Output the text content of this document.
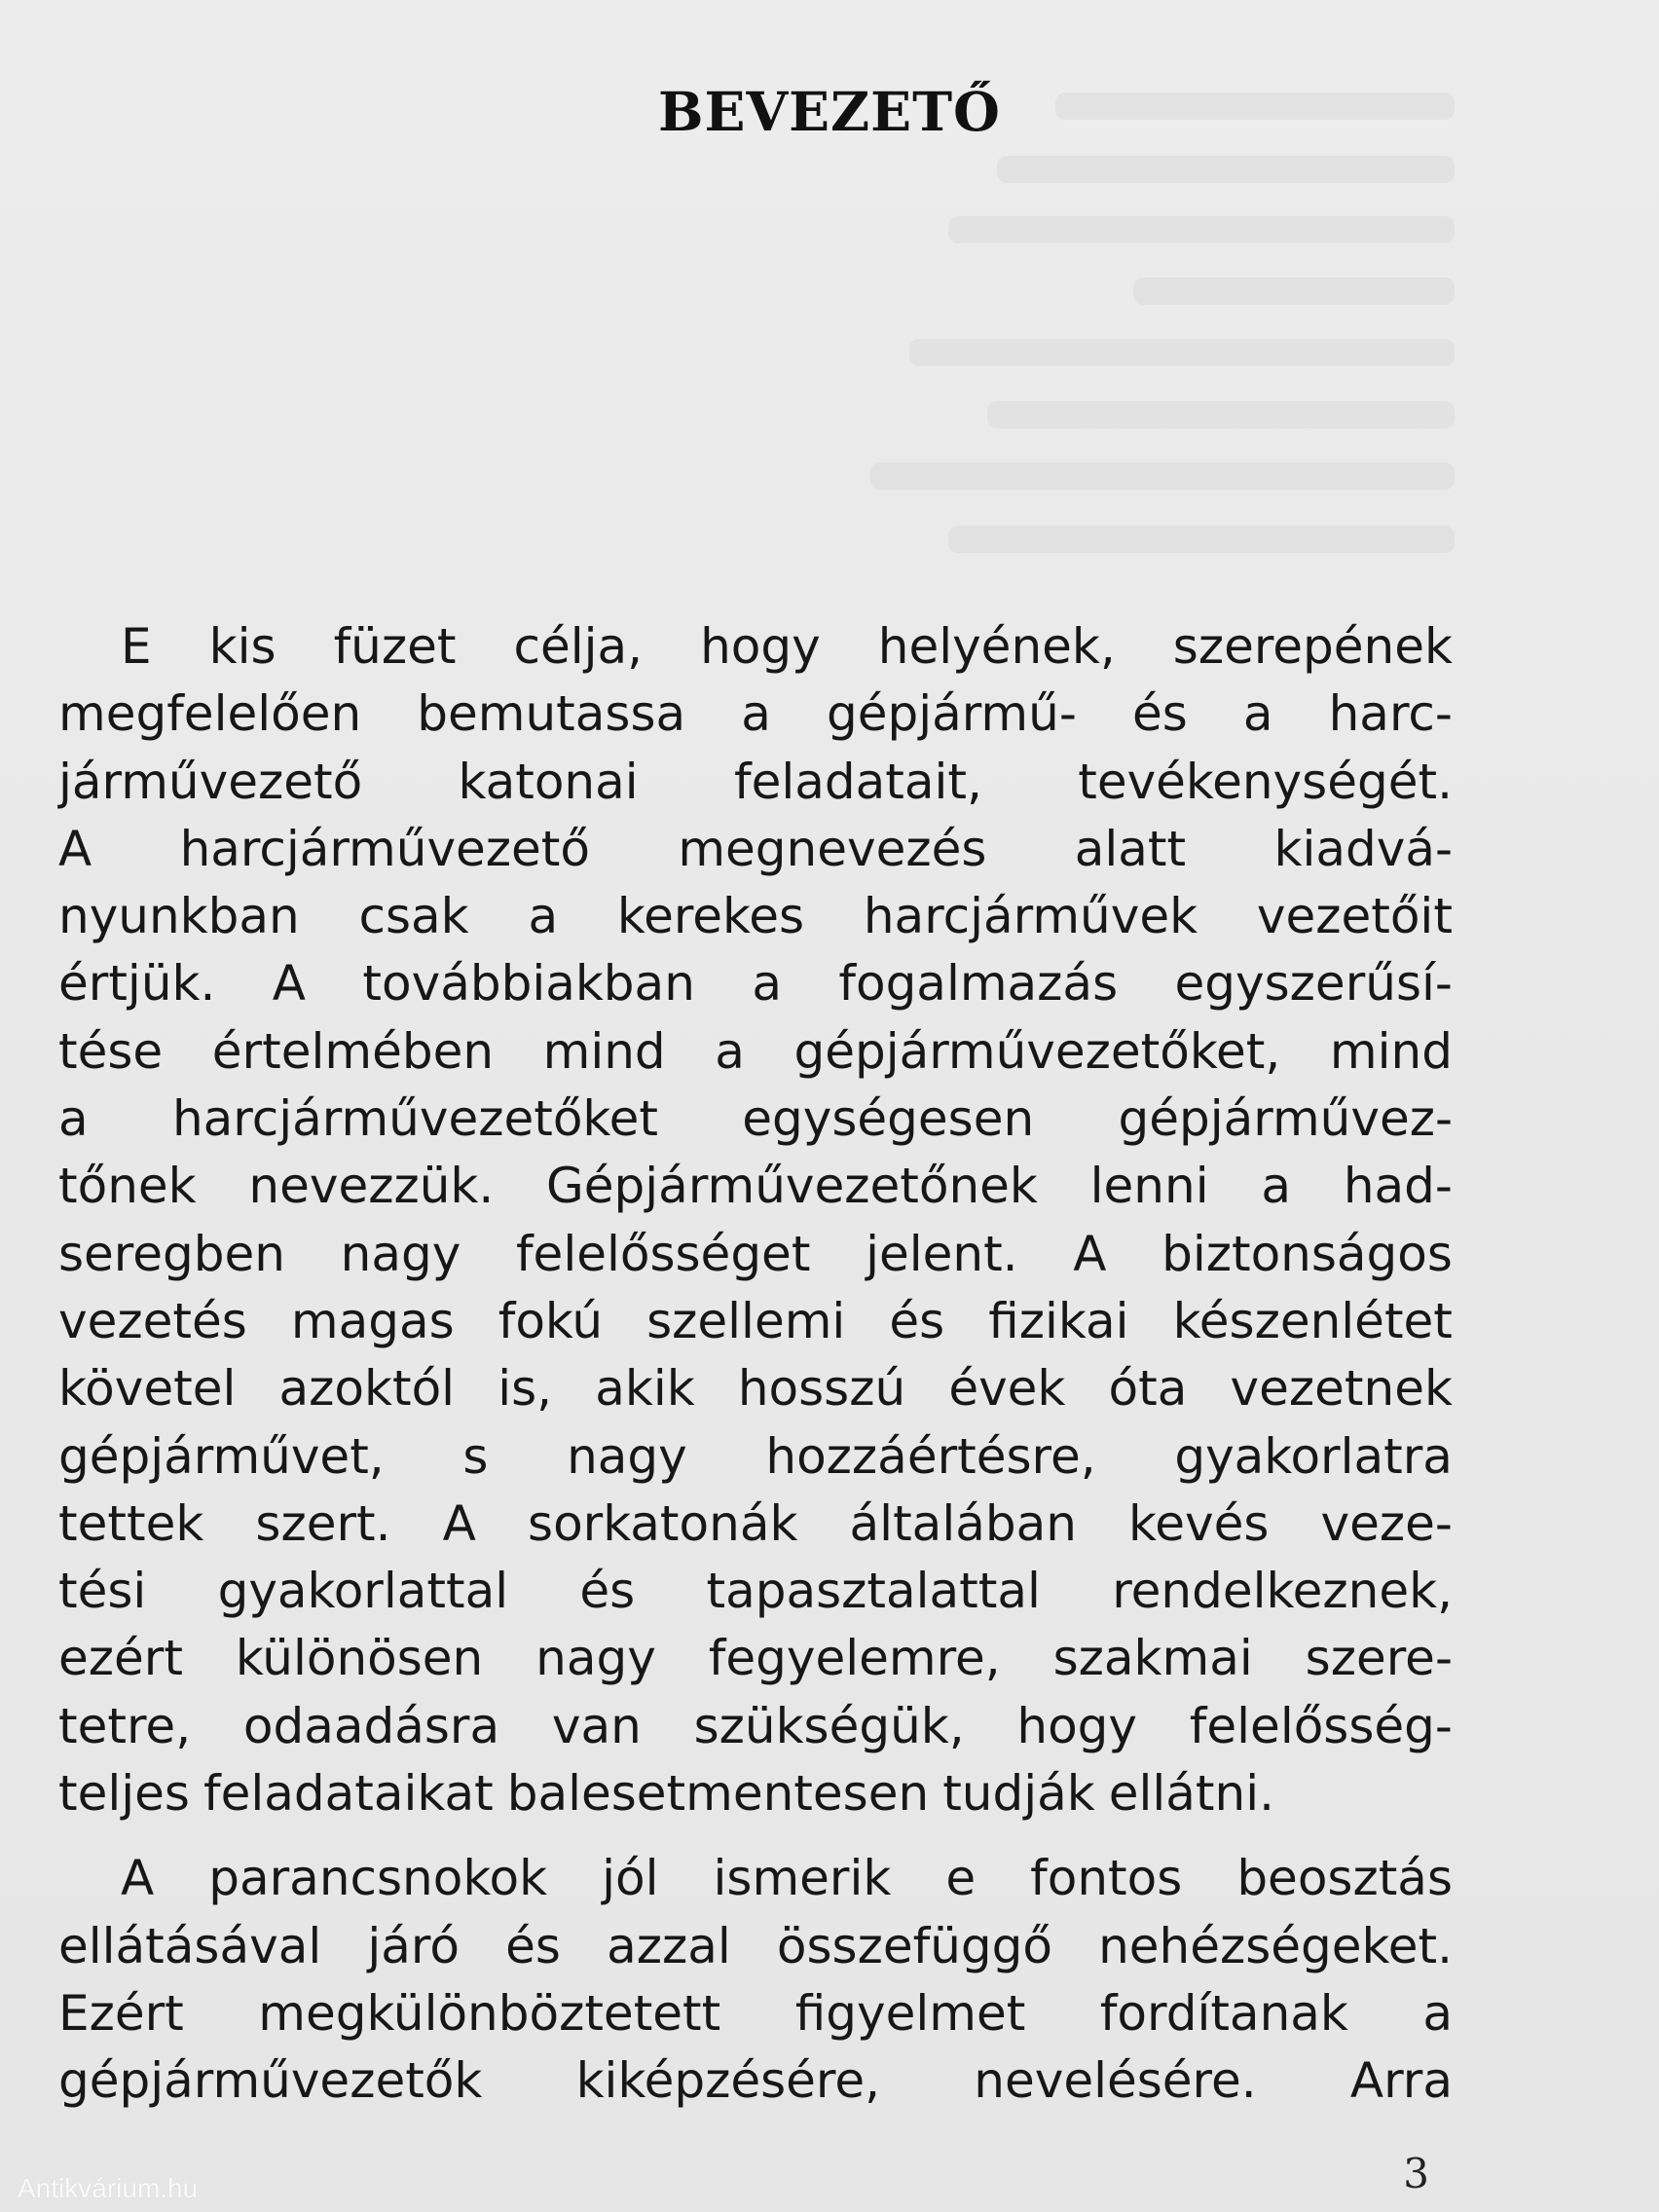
BEVEZETŐ
E kis füzet célja, hogy helyének, szerepének
megfelelően bemutassa a gépjármű- és a harc-
járművezető katonai feladatait, tevékenységét.
A harcjárművezető megnevezés alatt kiadvá-
nyunkban csak a kerekes harcjárművek vezetőit
értjük. A továbbiakban a fogalmazás egyszerűsí-
tése értelmében mind a gépjárművezetőket, mind
a harcjárművezetőket egységesen gépjárművez-
tőnek nevezzük. Gépjárművezetőnek lenni a had-
seregben nagy felelősséget jelent. A biztonságos
vezetés magas fokú szellemi és fizikai készenlétet
követel azoktól is, akik hosszú évek óta vezetnek
gépjárművet, s nagy hozzáértésre, gyakorlatra
tettek szert. A sorkatonák általában kevés veze-
tési gyakorlattal és tapasztalattal rendelkeznek,
ezért különösen nagy fegyelemre, szakmai szere-
tetre, odaadásra van szükségük, hogy felelősség-
teljes feladataikat balesetmentesen tudják ellátni.
A parancsnokok jól ismerik e fontos beosztás
ellátásával járó és azzal összefüggő nehézségeket.
Ezért megkülönböztetett figyelmet fordítanak a
gépjárművezetők kiképzésére, nevelésére. Arra
3
Antikvárium.hu
